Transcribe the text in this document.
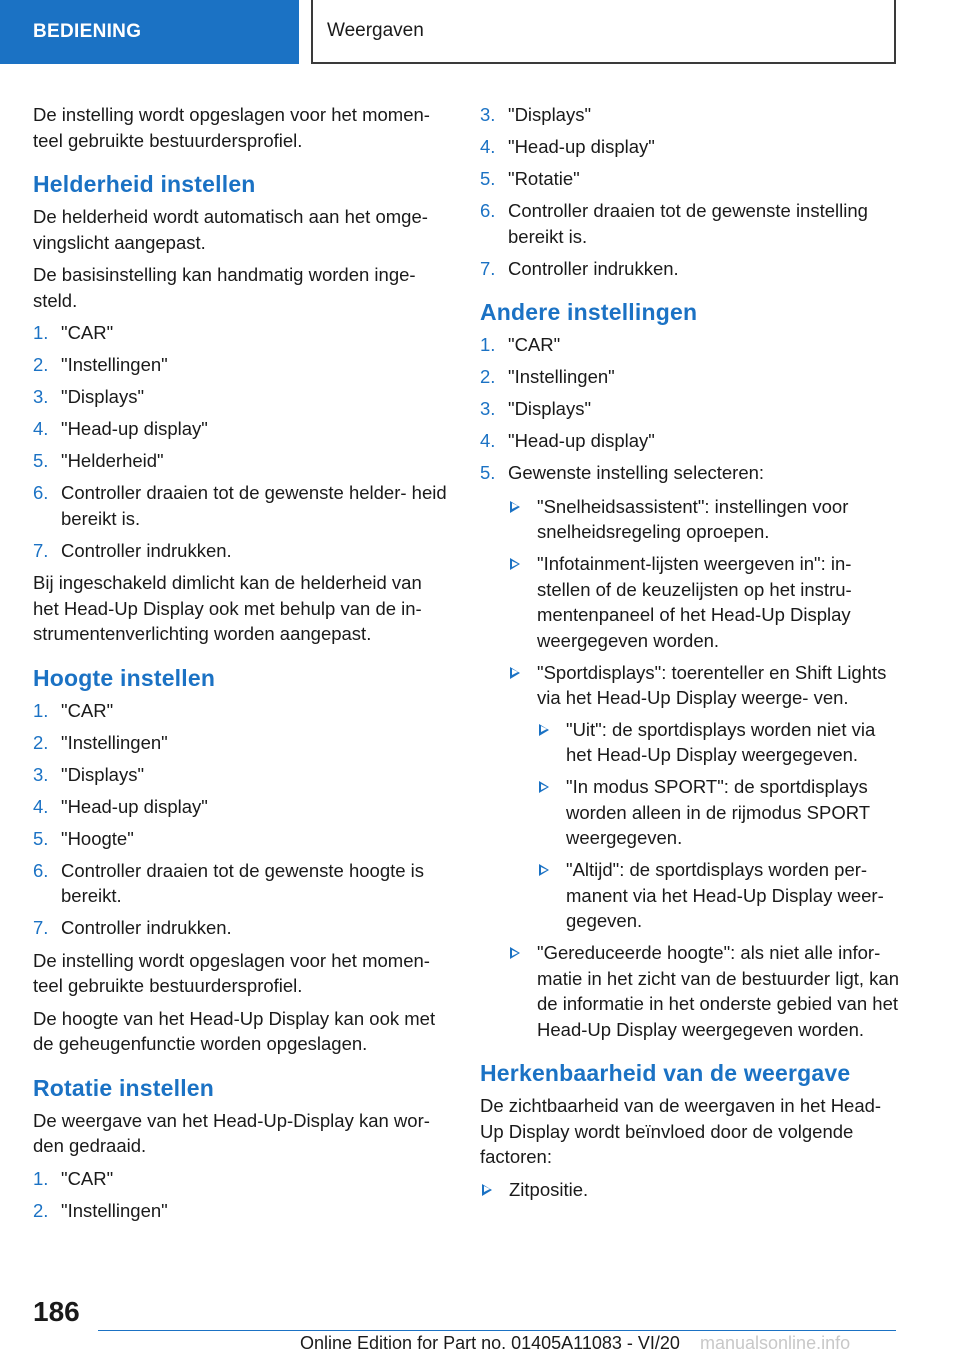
BEDIENING	Weergaven

De instelling wordt opgeslagen voor het momen- teel gebruikte bestuurdersprofiel.

Helderheid instellen

De helderheid wordt automatisch aan het omge- vingslicht aangepast.

De basisinstelling kan handmatig worden inge- steld.

1. "CAR"
2. "Instellingen"
3. "Displays"
4. "Head-up display"
5. "Helderheid"
6. Controller draaien tot de gewenste helder- heid bereikt is.
7. Controller indrukken.

Bij ingeschakeld dimlicht kan de helderheid van het Head-Up Display ook met behulp van de in- strumentenverlichting worden aangepast.

Hoogte instellen
1. "CAR"
2. "Instellingen"
3. "Displays"
4. "Head-up display"
5. "Hoogte"
6. Controller draaien tot de gewenste hoogte is bereikt.
7. Controller indrukken.

De instelling wordt opgeslagen voor het momen- teel gebruikte bestuurdersprofiel.

De hoogte van het Head-Up Display kan ook met de geheugenfunctie worden opgeslagen.

Rotatie instellen

De weergave van het Head-Up-Display kan wor- den gedraaid.

1. "CAR"
2. "Instellingen"
3. "Displays"
4. "Head-up display"
5. "Rotatie"
6. Controller draaien tot de gewenste instelling bereikt is.
7. Controller indrukken.
Andere instellingen
1. "CAR"
2. "Instellingen"
3. "Displays"
4. "Head-up display"
5. Gewenste instelling selecteren:
"Snelheidsassistent": instellingen voor snelheidsregeling oproepen.
"Infotainment-lijsten weergeven in": in- stellen of de keuzelijsten op het instru- mentenpaneel of het Head-Up Display weergegeven worden.
"Sportdisplays": toerenteller en Shift Lights via het Head-Up Display weerge- ven.
"Uit": de sportdisplays worden niet via het Head-Up Display weergegeven.
"In modus SPORT": de sportdisplays worden alleen in de rijmodus SPORT weergegeven.
"Altijd": de sportdisplays worden per- manent via het Head-Up Display weer- gegeven.
"Gereduceerde hoogte": als niet alle infor- matie in het zicht van de bestuurder ligt, kan de informatie in het onderste gebied van het Head-Up Display weergegeven worden.
Herkenbaarheid van de weergave

De zichtbaarheid van de weergaven in het Head- Up Display wordt beïnvloed door de volgende factoren:

Zitpositie.
186
Online Edition for Part no. 01405A11083 - VI/20	manualsonline.info
